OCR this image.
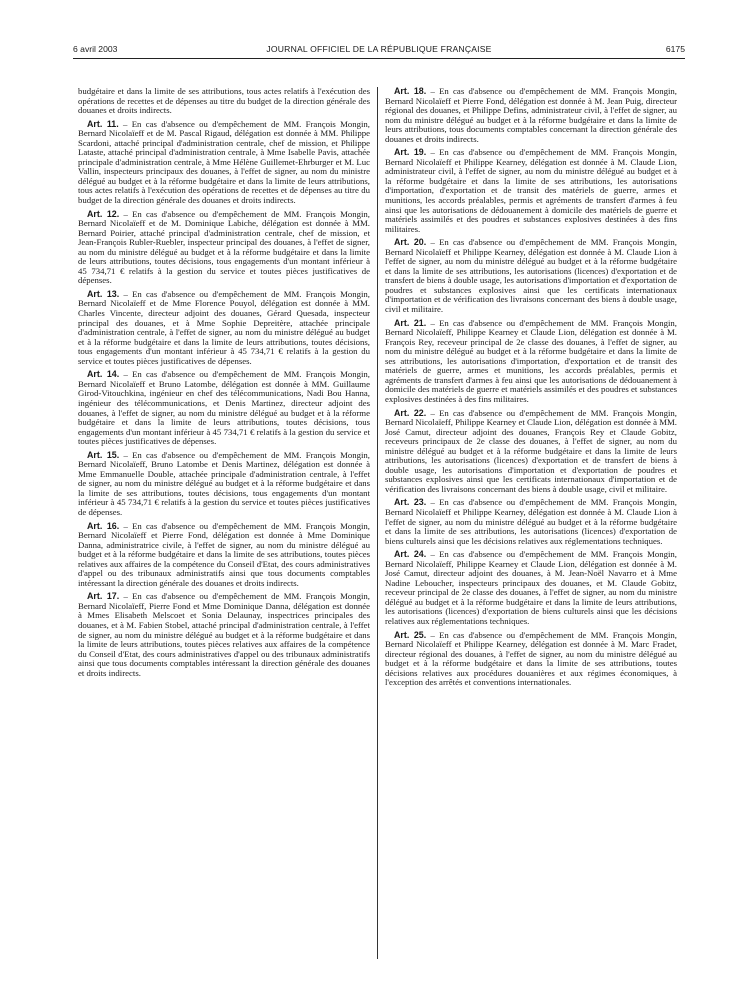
6 avril 2003	JOURNAL OFFICIEL DE LA RÉPUBLIQUE FRANÇAISE	6175

budgétaire et dans la limite de ses attributions, tous actes relatifs à l'exécution des opérations de recettes et de dépenses au titre du budget de la direction générale des douanes et droits indirects.

Art. 11. – En cas d'absence ou d'empêchement de MM. François Mongin, Bernard Nicolaïeff et de M. Pascal Rigaud, délégation est donnée à MM. Philippe Scardoni, attaché principal d'administration centrale, chef de mission, et Philippe Lataste, attaché principal d'administration centrale, à Mme Isabelle Pavis, attachée principale d'administration centrale, à Mme Hélène Guillemet-Ehrburger et M. Luc Vallin, inspecteurs principaux des douanes, à l'effet de signer, au nom du ministre délégué au budget et à la réforme budgétaire et dans la limite de leurs attributions, tous actes relatifs à l'exécution des opérations de recettes et de dépenses au titre du budget de la direction générale des douanes et droits indirects.

Art. 12. – En cas d'absence ou d'empêchement de MM. François Mongin, Bernard Nicolaïeff et de M. Dominique Labiche, délégation est donnée à MM. Bernard Poirier, attaché principal d'administration centrale, chef de mission, et Jean-François Rubler-Ruebler, inspecteur principal des douanes, à l'effet de signer, au nom du ministre délégué au budget et à la réforme budgétaire et dans la limite de leurs attributions, toutes décisions, tous engagements d'un montant inférieur à 45 734,71 € relatifs à la gestion du service et toutes pièces justificatives de dépenses.

Art. 13. – En cas d'absence ou d'empêchement de MM. François Mongin, Bernard Nicolaïeff et de Mme Florence Pouyol, délégation est donnée à MM. Charles Vincente, directeur adjoint des douanes, Gérard Quesada, inspecteur principal des douanes, et à Mme Sophie Depreitère, attachée principale d'administration centrale, à l'effet de signer, au nom du ministre délégué au budget et à la réforme budgétaire et dans la limite de leurs attributions, toutes décisions, tous engagements d'un montant inférieur à 45 734,71 € relatifs à la gestion du service et toutes pièces justificatives de dépenses.

Art. 14. – En cas d'absence ou d'empêchement de MM. François Mongin, Bernard Nicolaïeff et Bruno Latombe, délégation est donnée à MM. Guillaume Girod-Vitouchkina, ingénieur en chef des télécommunications, Nadi Bou Hanna, ingénieur des télécommunications, et Denis Martinez, directeur adjoint des douanes, à l'effet de signer, au nom du ministre délégué au budget et à la réforme budgétaire et dans la limite de leurs attributions, toutes décisions, tous engagements d'un montant inférieur à 45 734,71 € relatifs à la gestion du service et toutes pièces justificatives de dépenses.

Art. 15. – En cas d'absence ou d'empêchement de MM. François Mongin, Bernard Nicolaïeff, Bruno Latombe et Denis Martinez, délégation est donnée à Mme Emmanuelle Double, attachée principale d'administration centrale, à l'effet de signer, au nom du ministre délégué au budget et à la réforme budgétaire et dans la limite de ses attributions, toutes décisions, tous engagements d'un montant inférieur à 45 734,71 € relatifs à la gestion du service et toutes pièces justificatives de dépenses.

Art. 16. – En cas d'absence ou d'empêchement de MM. François Mongin, Bernard Nicolaïeff et Pierre Fond, délégation est donnée à Mme Dominique Danna, administratrice civile, à l'effet de signer, au nom du ministre délégué au budget et à la réforme budgétaire et dans la limite de ses attributions, toutes pièces relatives aux affaires de la compétence du Conseil d'Etat, des cours administratives d'appel ou des tribunaux administratifs ainsi que tous documents comptables intéressant la direction générale des douanes et droits indirects.

Art. 17. – En cas d'absence ou d'empêchement de MM. François Mongin, Bernard Nicolaïeff, Pierre Fond et Mme Dominique Danna, délégation est donnée à Mmes Elisabeth Melscoet et Sonia Delaunay, inspectrices principales des douanes, et à M. Fabien Stobel, attaché principal d'administration centrale, à l'effet de signer, au nom du ministre délégué au budget et à la réforme budgétaire et dans la limite de leurs attributions, toutes pièces relatives aux affaires de la compétence du Conseil d'Etat, des cours administratives d'appel ou des tribunaux administratifs ainsi que tous documents comptables intéressant la direction générale des douanes et droits indirects.

Art. 18. – En cas d'absence ou d'empêchement de MM. François Mongin, Bernard Nicolaïeff et Pierre Fond, délégation est donnée à M. Jean Puig, directeur régional des douanes, et Philippe Defins, administrateur civil, à l'effet de signer, au nom du ministre délégué au budget et à la réforme budgétaire et dans la limite de leurs attributions, tous documents comptables concernant la direction générale des douanes et droits indirects.

Art. 19. – En cas d'absence ou d'empêchement de MM. François Mongin, Bernard Nicolaïeff et Philippe Kearney, délégation est donnée à M. Claude Lion, administrateur civil, à l'effet de signer, au nom du ministre délégué au budget et à la réforme budgétaire et dans la limite de ses attributions, les autorisations d'importation, d'exportation et de transit des matériels de guerre, armes et munitions, les accords préalables, permis et agréments de transfert d'armes à feu ainsi que les autorisations de dédouanement à domicile des matériels de guerre et matériels assimilés et des poudres et substances explosives destinées à des fins militaires.

Art. 20. – En cas d'absence ou d'empêchement de MM. François Mongin, Bernard Nicolaïeff et Philippe Kearney, délégation est donnée à M. Claude Lion à l'effet de signer, au nom du ministre délégué au budget et à la réforme budgétaire et dans la limite de ses attributions, les autorisations (licences) d'exportation et de transfert de biens à double usage, les autorisations d'importation et d'exportation de poudres et substances explosives ainsi que les certificats internationaux d'importation et de vérification des livraisons concernant des biens à double usage, civil et militaire.

Art. 21. – En cas d'absence ou d'empêchement de MM. François Mongin, Bernard Nicolaïeff, Philippe Kearney et Claude Lion, délégation est donnée à M. François Rey, receveur principal de 2e classe des douanes, à l'effet de signer, au nom du ministre délégué au budget et à la réforme budgétaire et dans la limite de ses attributions, les autorisations d'importation, d'exportation et de transit des matériels de guerre, armes et munitions, les accords préalables, permis et agréments de transfert d'armes à feu ainsi que les autorisations de dédouanement à domicile des matériels de guerre et matériels assimilés et des poudres et substances explosives destinées à des fins militaires.

Art. 22. – En cas d'absence ou d'empêchement de MM. François Mongin, Bernard Nicolaïeff, Philippe Kearney et Claude Lion, délégation est donnée à MM. José Camut, directeur adjoint des douanes, François Rey et Claude Gobitz, receveurs principaux de 2e classe des douanes, à l'effet de signer, au nom du ministre délégué au budget et à la réforme budgétaire et dans la limite de leurs attributions, les autorisations (licences) d'exportation et de transfert de biens à double usage, les autorisations d'importation et d'exportation de poudres et substances explosives ainsi que les certificats internationaux d'importation et de vérification des livraisons concernant des biens à double usage, civil et militaire.

Art. 23. – En cas d'absence ou d'empêchement de MM. François Mongin, Bernard Nicolaïeff et Philippe Kearney, délégation est donnée à M. Claude Lion à l'effet de signer, au nom du ministre délégué au budget et à la réforme budgétaire et dans la limite de ses attributions, les autorisations (licences) d'exportation de biens culturels ainsi que les décisions relatives aux réglementations techniques.

Art. 24. – En cas d'absence ou d'empêchement de MM. François Mongin, Bernard Nicolaïeff, Philippe Kearney et Claude Lion, délégation est donnée à M. José Camut, directeur adjoint des douanes, à M. Jean-Noël Navarro et à Mme Nadine Leboucher, inspecteurs principaux des douanes, et M. Claude Gobitz, receveur principal de 2e classe des douanes, à l'effet de signer, au nom du ministre délégué au budget et à la réforme budgétaire et dans la limite de leurs attributions, les autorisations (licences) d'exportation de biens culturels ainsi que les décisions relatives aux réglementations techniques.

Art. 25. – En cas d'absence ou d'empêchement de MM. François Mongin, Bernard Nicolaïeff et Philippe Kearney, délégation est donnée à M. Marc Fradet, directeur régional des douanes, à l'effet de signer, au nom du ministre délégué au budget et à la réforme budgétaire et dans la limite de ses attributions, toutes décisions relatives aux procédures douanières et aux régimes économiques, à l'exception des arrêtés et conventions internationales.
